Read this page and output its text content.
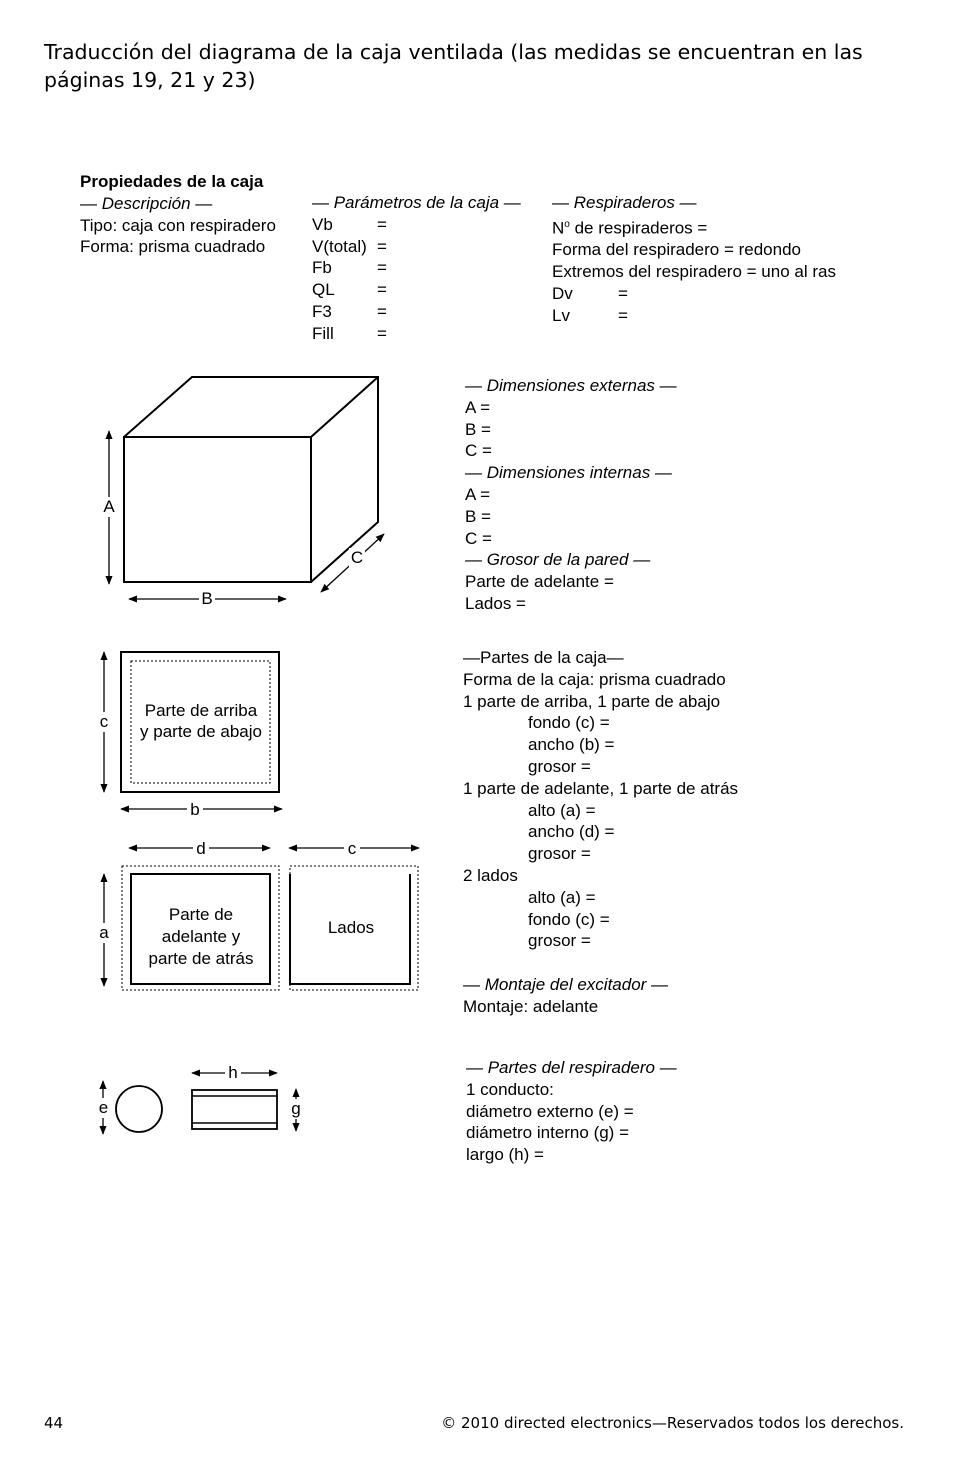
Traducción del diagrama de la caja ventilada (las medidas se encuentran en las páginas 19, 21 y 23)
Propiedades de la caja
— Descripción —
Tipo: caja con respiradero
Forma: prisma cuadrado
— Parámetros de la caja —
Vb	=
V(total) =
Fb	=
QL =
F3	=
Fill	=
— Respiraderos —
$N^o$ de respiraderos =
Forma del respiradero = redondo
Extremos del respiradero = uno al ras
Dv	=
Lv	=
— Dimensiones externas —
A =
B =
C =
— Dimensiones internas —
A =
B =
C =
— Grosor de la pared —
Parte de adelante =
Lados =
—Partes de la caja—
Forma de la caja: prisma cuadrado
1 parte de arriba, 1 parte de abajo
fondo (c) =
ancho (b) =
grosor =
1 parte de adelante, 1 parte de atrás
alto (a) =
ancho (d) =
grosor =
2 lados
alto (a) =
fondo (c) =
grosor =
— Montaje del excitador —
Montaje: adelante
— Partes del respiradero —
1 conducto:
diámetro externo (e) =
diámetro interno (g) =
largo (h) =
A
B
C
Parte de arriba
y parte de abajo
c
b
d	c
a
Parte de
adelante y
parte de atrás
Lados
e
h
g
44	© 2010 directed electronics—Reservados todos los derechos.
